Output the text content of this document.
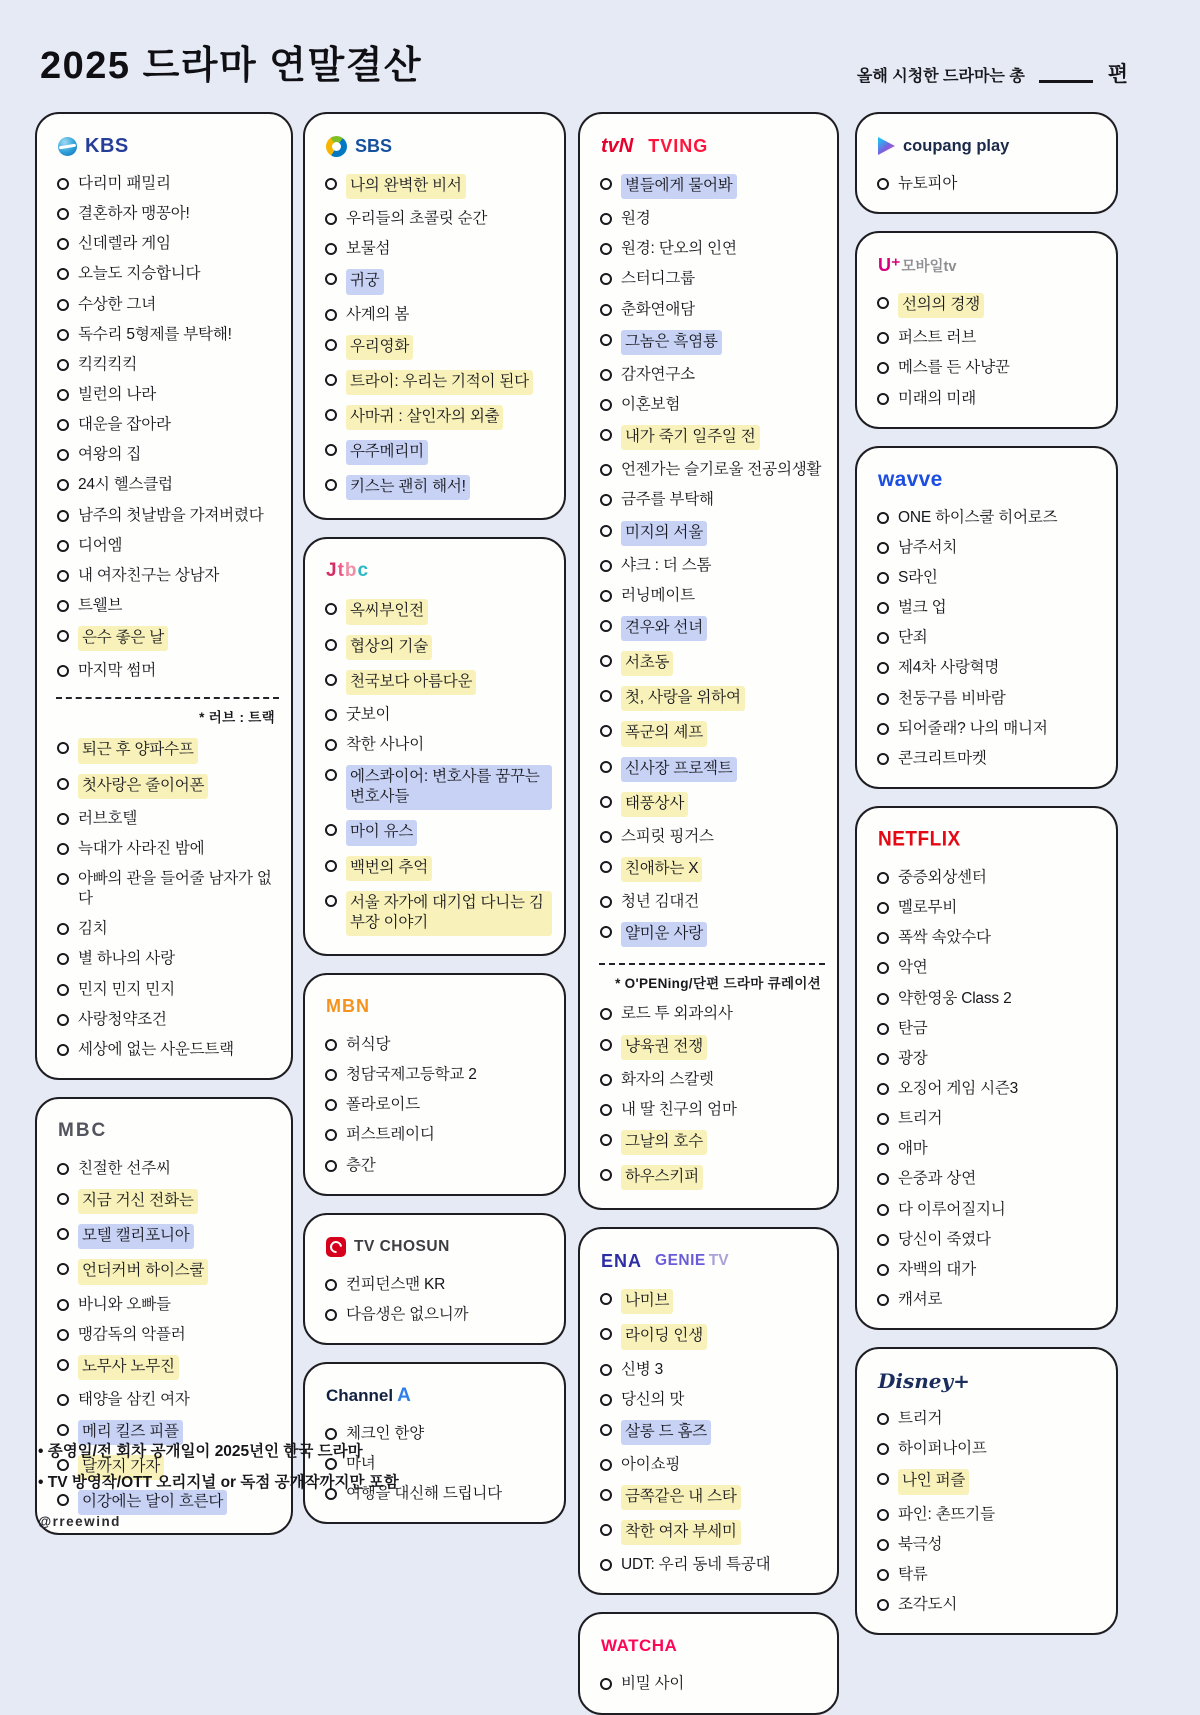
2025 드라마 연말결산	올해 시청한 드라마는 총	편
KBS
다리미 패밀리
결혼하자 맹꽁아!
신데렐라 게임
오늘도 지승합니다
수상한 그녀
독수리 5형제를 부탁해!
킥킥킥킥
빌런의 나라
대운을 잡아라
여왕의 집
24시 헬스클럽
남주의 첫날밤을 가져버렸다
디어엠
내 여자친구는 상남자
트웰브
은수 좋은 날
마지막 썸머
* 러브 : 트랙
퇴근 후 양파수프
첫사랑은 줄이어폰
러브호텔
늑대가 사라진 밤에
아빠의 관을 들어줄 남자가 없다
김치
별 하나의 사랑
민지 민지 민지
사랑청약조건
세상에 없는 사운드트랙
MBC
친절한 선주씨
지금 거신 전화는
모텔 캘리포니아
언더커버 하이스쿨
바니와 오빠들
맹감독의 악플러
노무사 노무진
태양을 삼킨 여자
메리 킬즈 피플
달까지 가자
이강에는 달이 흐른다
SBS
나의 완벽한 비서
우리들의 초콜릿 순간
보물섬
귀궁
사계의 봄
우리영화
트라이: 우리는 기적이 된다
사마귀 : 살인자의 외출
우주메리미
키스는 괜히 해서!
J t b c
옥씨부인전
협상의 기술
천국보다 아름다운
굿보이
착한 사나이
에스콰이어: 변호사를 꿈꾸는 변호사들
마이 유스
백번의 추억
서울 자가에 대기업 다니는 김 부장 이야기
MBN
허식당
청담국제고등학교 2
폴라로이드
퍼스트레이디
층간
TV CHOSUN
컨피던스맨 KR
다음생은 없으니까
Channel A
체크인 한양
마녀
여행을 대신해 드립니다
tvN TVING
별들에게 물어봐
원경
원경: 단오의 인연
스터디그룹
춘화연애담
그놈은 흑염룡
감자연구소
이혼보험
내가 죽기 일주일 전
언젠가는 슬기로울 전공의생활
금주를 부탁해
미지의 서울
샤크 : 더 스톰
러닝메이트
견우와 선녀
서초동
첫, 사랑을 위하여
폭군의 셰프
신사장 프로젝트
태풍상사
스피릿 핑거스
친애하는 X
청년 김대건
얄미운 사랑
* O'PENing/단편 드라마 큐레이션
로드 투 외과의사
냥육권 전쟁
화자의 스칼렛
내 딸 친구의 엄마
그날의 호수
하우스키퍼
ENA GENIE TV
나미브
라이딩 인생
신병 3
당신의 맛
살롱 드 홈즈
아이쇼핑
금쪽같은 내 스타
착한 여자 부세미
UDT: 우리 동네 특공대
WATCHA
비밀 사이
coupang play
뉴토피아
U⁺ 모바일tv
선의의 경쟁
퍼스트 러브
메스를 든 사냥꾼
미래의 미래
wavve
ONE 하이스쿨 히어로즈
남주서치
S라인
벌크 업
단죄
제4차 사랑혁명
천둥구름 비바람
되어줄래? 나의 매니저
콘크리트마켓
NETFLIX
중증외상센터
멜로무비
폭싹 속았수다
악연
약한영웅 Class 2
탄금
광장
오징어 게임 시즌3
트리거
애마
은중과 상연
다 이루어질지니
당신이 죽였다
자백의 대가
캐셔로
Disney+
트리거
하이퍼나이프
나인 퍼즐
파인: 촌뜨기들
북극성
탁류
조각도시
• 종영일/전 회차 공개일이 2025년인 한국 드라마
• TV 방영작/OTT 오리지널 or 독점 공개작까지만 포함
@rreewind
